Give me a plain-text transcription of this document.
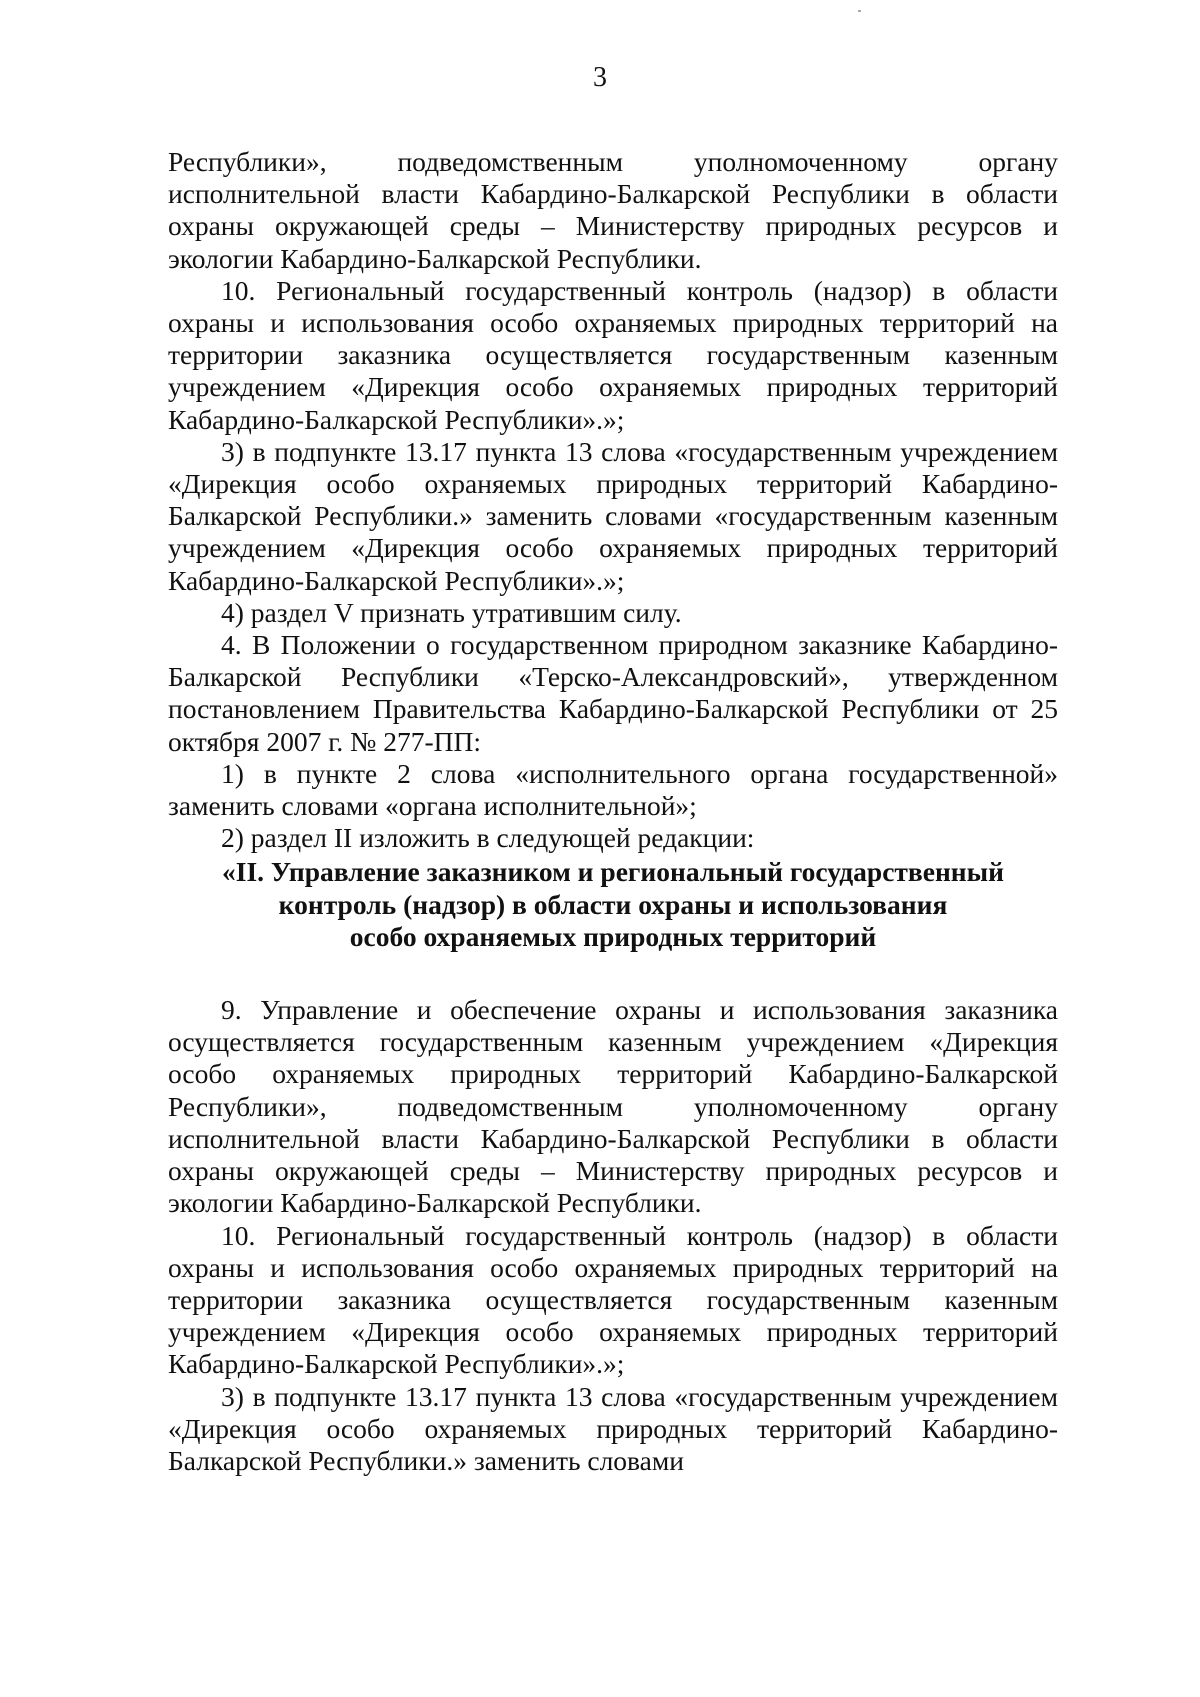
3

Республики», подведомственным уполномоченному органу исполнительной власти Кабардино-Балкарской Республики в области охраны окружающей среды – Министерству природных ресурсов и экологии Кабардино-Балкарской Республики.

10. Региональный государственный контроль (надзор) в области охраны и использования особо охраняемых природных территорий на территории заказника осуществляется государственным казенным учреждением «Дирекция особо охраняемых природных территорий Кабардино-Балкарской Республики».»;

3) в подпункте 13.17 пункта 13 слова «государственным учреждением «Дирекция особо охраняемых природных территорий Кабардино-Балкарской Республики.» заменить словами «государственным казенным учреждением «Дирекция особо охраняемых природных территорий Кабардино-Балкарской Республики».»;

4) раздел V признать утратившим силу.

4. В Положении о государственном природном заказнике Кабардино-Балкарской Республики «Терско-Александровский», утвержденном постановлением Правительства Кабардино-Балкарской Республики от 25 октября 2007 г. № 277-ПП:

1) в пункте 2 слова «исполнительного органа государственной» заменить словами «органа исполнительной»;

2) раздел II изложить в следующей редакции:

«II. Управление заказником и региональный государственный
контроль (надзор) в области охраны и использования
особо охраняемых природных территорий

9. Управление и обеспечение охраны и использования заказника осуществляется государственным казенным учреждением «Дирекция особо охраняемых природных территорий Кабардино-Балкарской Республики», подведомственным уполномоченному органу исполнительной власти Кабардино-Балкарской Республики в области охраны окружающей среды – Министерству природных ресурсов и экологии Кабардино-Балкарской Республики.

10. Региональный государственный контроль (надзор) в области охраны и использования особо охраняемых природных территорий на территории заказника осуществляется государственным казенным учреждением «Дирекция особо охраняемых природных территорий Кабардино-Балкарской Республики».»;

3) в подпункте 13.17 пункта 13 слова «государственным учреждением «Дирекция особо охраняемых природных территорий Кабардино-Балкарской Республики.» заменить словами
